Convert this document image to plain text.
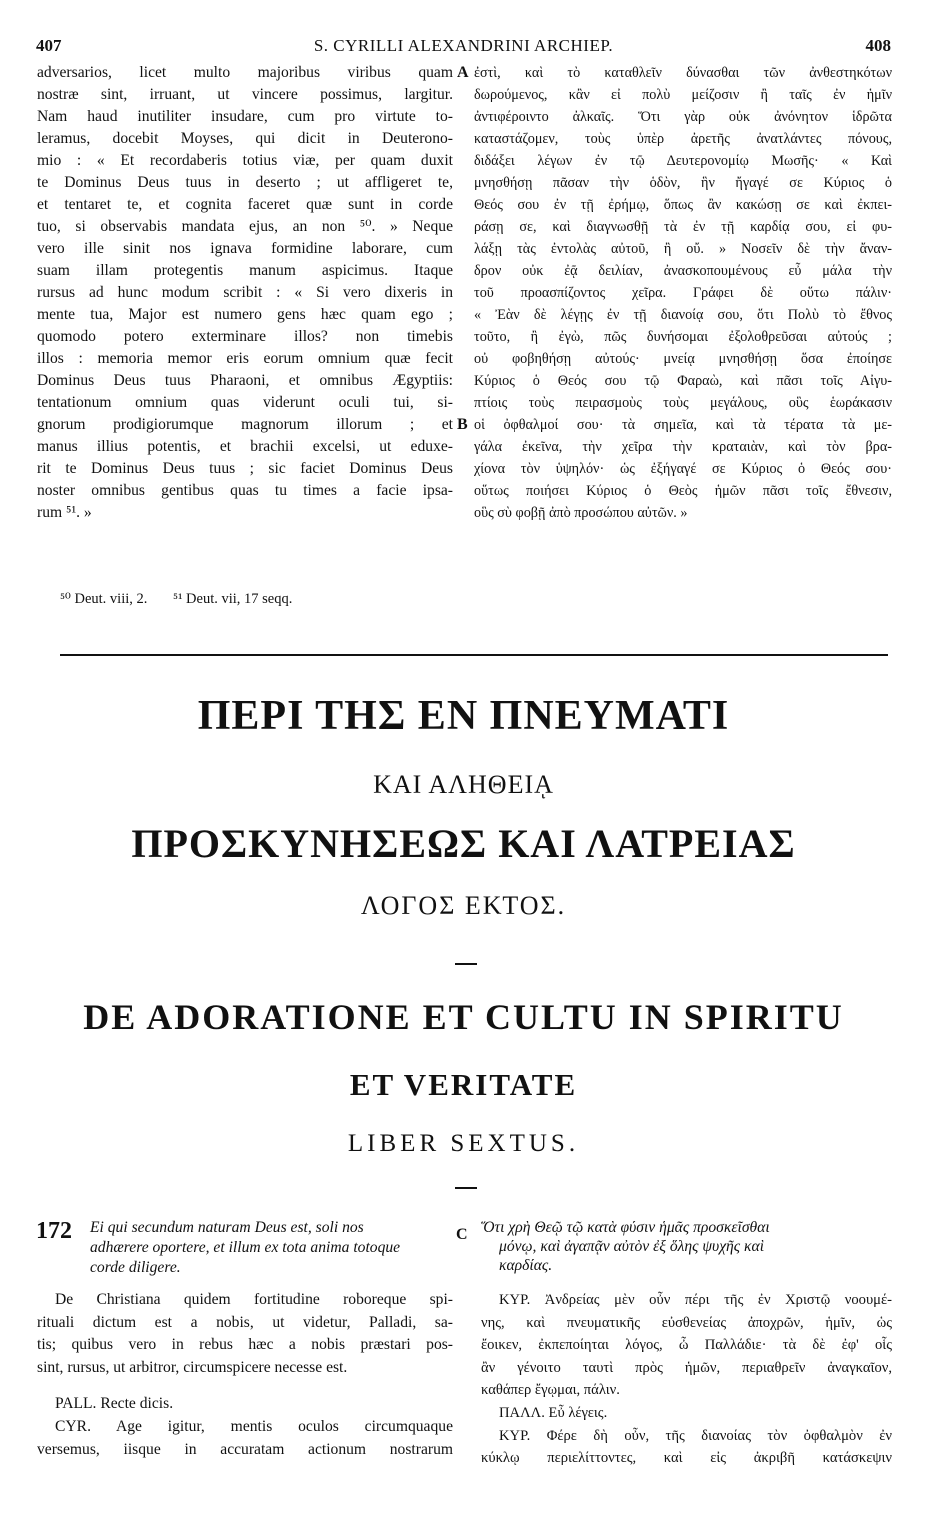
407	S. CYRILLI ALEXANDRINI ARCHIEP.	408
adversarios, licet multo majoribus viribus quam
nostræ sint, irruant, ut vincere possimus, largitur.
Nam haud inutiliter insudare, cum pro virtute to-
leramus, docebit Moyses, qui dicit in Deuterono-
mio : « Et recordaberis totius viæ, per quam duxit
te Dominus Deus tuus in deserto ; ut affligeret te,
et tentaret te, et cognita faceret quæ sunt in corde
tuo, si observabis mandata ejus, an non ⁵⁰. » Neque
vero ille sinit nos ignava formidine laborare, cum
suam illam protegentis manum aspicimus. Itaque
rursus ad hunc modum scribit : « Si vero dixeris in
mente tua, Major est numero gens hæc quam ego ;
quomodo potero exterminare illos? non timebis
illos : memoria memor eris eorum omnium quæ fecit
Dominus Deus tuus Pharaoni, et omnibus Ægyptiis:
tentationum omnium quas viderunt oculi tui, si-
gnorum prodigiorumque magnorum illorum ; et
manus illius potentis, et brachii excelsi, ut eduxe-
rit te Dominus Deus tuus ; sic faciet Dominus Deus
noster omnibus gentibus quas tu times a facie ipsa-
rum ⁵¹. »
A
B
ἐστὶ, καὶ τὸ καταθλεῖν δύνασθαι τῶν ἀνθεστηκότων
δωρούμενος, κἂν εἰ πολὺ μείζοσιν ἢ ταῖς ἐν ἡμῖν
ἀντιφέροιντο ἀλκαῖς. Ὅτι γὰρ οὐκ ἀνόνητον ἱδρῶτα
καταστάζομεν, τοὺς ὑπὲρ ἀρετῆς ἀνατλάντες πόνους,
διδάξει λέγων ἐν τῷ Δευτερονομίῳ Μωσῆς· « Καὶ
μνησθήσῃ πᾶσαν τὴν ὁδὸν, ἣν ἤγαγέ σε Κύριος ὁ
Θεός σου ἐν τῇ ἐρήμῳ, ὅπως ἂν κακώσῃ σε καὶ ἐκπει-
ράσῃ σε, καὶ διαγνωσθῇ τὰ ἐν τῇ καρδίᾳ σου, εἰ φυ-
λάξῃ τὰς ἐντολὰς αὐτοῦ, ἢ οὔ. » Νοσεῖν δὲ τὴν ἄναν-
δρον οὐκ ἐᾷ δειλίαν, ἀνασκοπουμένους εὖ μάλα τὴν
τοῦ προασπίζοντος χεῖρα. Γράφει δὲ οὕτω πάλιν·
« Ἐὰν δὲ λέγῃς ἐν τῇ διανοίᾳ σου, ὅτι Πολὺ τὸ ἔθνος
τοῦτο, ἢ ἐγὼ, πῶς δυνήσομαι ἐξολοθρεῦσαι αὐτούς ;
οὐ φοβηθήσῃ αὐτούς· μνείᾳ μνησθήσῃ ὅσα ἐποίησε
Κύριος ὁ Θεός σου τῷ Φαραὼ, καὶ πᾶσι τοῖς Αἰγυ-
πτίοις τοὺς πειρασμοὺς τοὺς μεγάλους, οὓς ἑωράκασιν
οἱ ὀφθαλμοί σου· τὰ σημεῖα, καὶ τὰ τέρατα τὰ με-
γάλα ἐκεῖνα, τὴν χεῖρα τὴν κραταιὰν, καὶ τὸν βρα-
χίονα τὸν ὑψηλόν· ὡς ἐξήγαγέ σε Κύριος ὁ Θεός σου·
οὕτως ποιήσει Κύριος ὁ Θεὸς ἡμῶν πᾶσι τοῖς ἔθνεσιν,
οὓς σὺ φοβῇ ἀπὸ προσώπου αὐτῶν. »
⁵⁰ Deut. viii, 2. ⁵¹ Deut. vii, 17 seqq.
ΠΕΡΙ ΤΗΣ ΕΝ ΠΝΕΥΜΑΤΙ
ΚΑΙ ΑΛΗΘΕΙᾼ
ΠΡΟΣΚΥΝΗΣΕΩΣ ΚΑΙ ΛΑΤΡΕΙΑΣ
ΛΟΓΟΣ ΕΚΤΟΣ.
DE ADORATIONE ET CULTU IN SPIRITU
ET VERITATE
LIBER SEXTUS.
172 Ei qui secundum naturam Deus est, soli nos
adhærere oportere, et illum ex tota anima totoque
corde diligere.
C Ὅτι χρὴ Θεῷ τῷ κατὰ φύσιν ἡμᾶς προσκεῖσθαι
μόνῳ, καὶ ἀγαπᾷν αὐτὸν ἐξ ὅλης ψυχῆς καὶ
καρδίας.
De Christiana quidem fortitudine roboreque spi-
rituali dictum est a nobis, ut videtur, Palladi, sa-
tis; quibus vero in rebus hæc a nobis præstari pos-
sint, rursus, ut arbitror, circumspicere necesse est.
PALL. Recte dicis.
CYR. Age igitur, mentis oculos circumquaque
versemus, iisque in accuratam actionum nostrarum
ΚΥΡ. Ἀνδρείας μὲν οὖν πέρι τῆς ἐν Χριστῷ νοουμέ-
νης, καὶ πνευματικῆς εὐσθενείας ἀποχρῶν, ἡμῖν, ὡς
ἔοικεν, ἐκπεποίηται λόγος, ὦ Παλλάδιε· τὰ δὲ ἐφ' οἷς
ἂν γένοιτο ταυτὶ πρὸς ἡμῶν, περιαθρεῖν ἀναγκαῖον,
καθάπερ ἔγῳμαι, πάλιν.
ΠΑΛΛ. Εὖ λέγεις.
ΚΥΡ. Φέρε δὴ οὖν, τῆς διανοίας τὸν ὀφθαλμὸν ἐν
κύκλῳ περιελίττοντες, καὶ εἰς ἀκριβῆ κατάσκεψιν
